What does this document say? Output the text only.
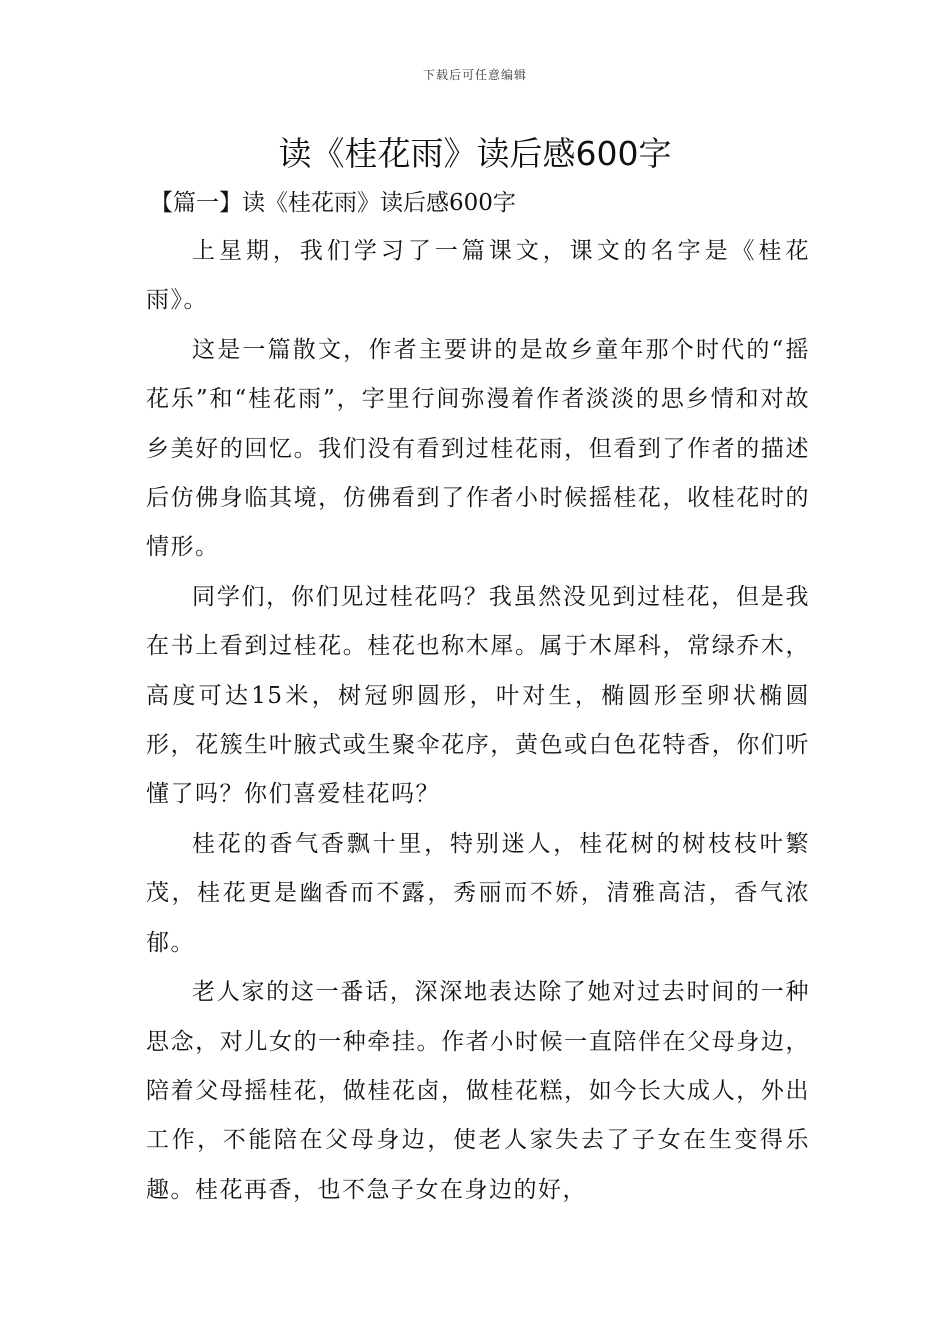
下载后可任意编辑
读《桂花雨》读后感600字
【篇一】读《桂花雨》读后感600字

上星期，我们学习了一篇课文，课文的名字是《桂花雨》。

这是一篇散文，作者主要讲的是故乡童年那个时代的“摇花乐”和“桂花雨”，字里行间弥漫着作者淡淡的思乡情和对故乡美好的回忆。我们没有看到过桂花雨，但看到了作者的描述后仿佛身临其境，仿佛看到了作者小时候摇桂花，收桂花时的情形。

同学们，你们见过桂花吗？我虽然没见到过桂花，但是我在书上看到过桂花。桂花也称木犀。属于木犀科，常绿乔木，高度可达15米，树冠卵圆形，叶对生，椭圆形至卵状椭圆形，花簇生叶腋式或生聚伞花序，黄色或白色花特香，你们听懂了吗？你们喜爱桂花吗？

桂花的香气香飘十里，特别迷人，桂花树的树枝枝叶繁茂，桂花更是幽香而不露，秀丽而不娇，清雅高洁，香气浓郁。

老人家的这一番话，深深地表达除了她对过去时间的一种思念，对儿女的一种牵挂。作者小时候一直陪伴在父母身边，陪着父母摇桂花，做桂花卤，做桂花糕，如今长大成人，外出工作，不能陪在父母身边，使老人家失去了子女在生变得乐趣。桂花再香，也不急子女在身边的好，
